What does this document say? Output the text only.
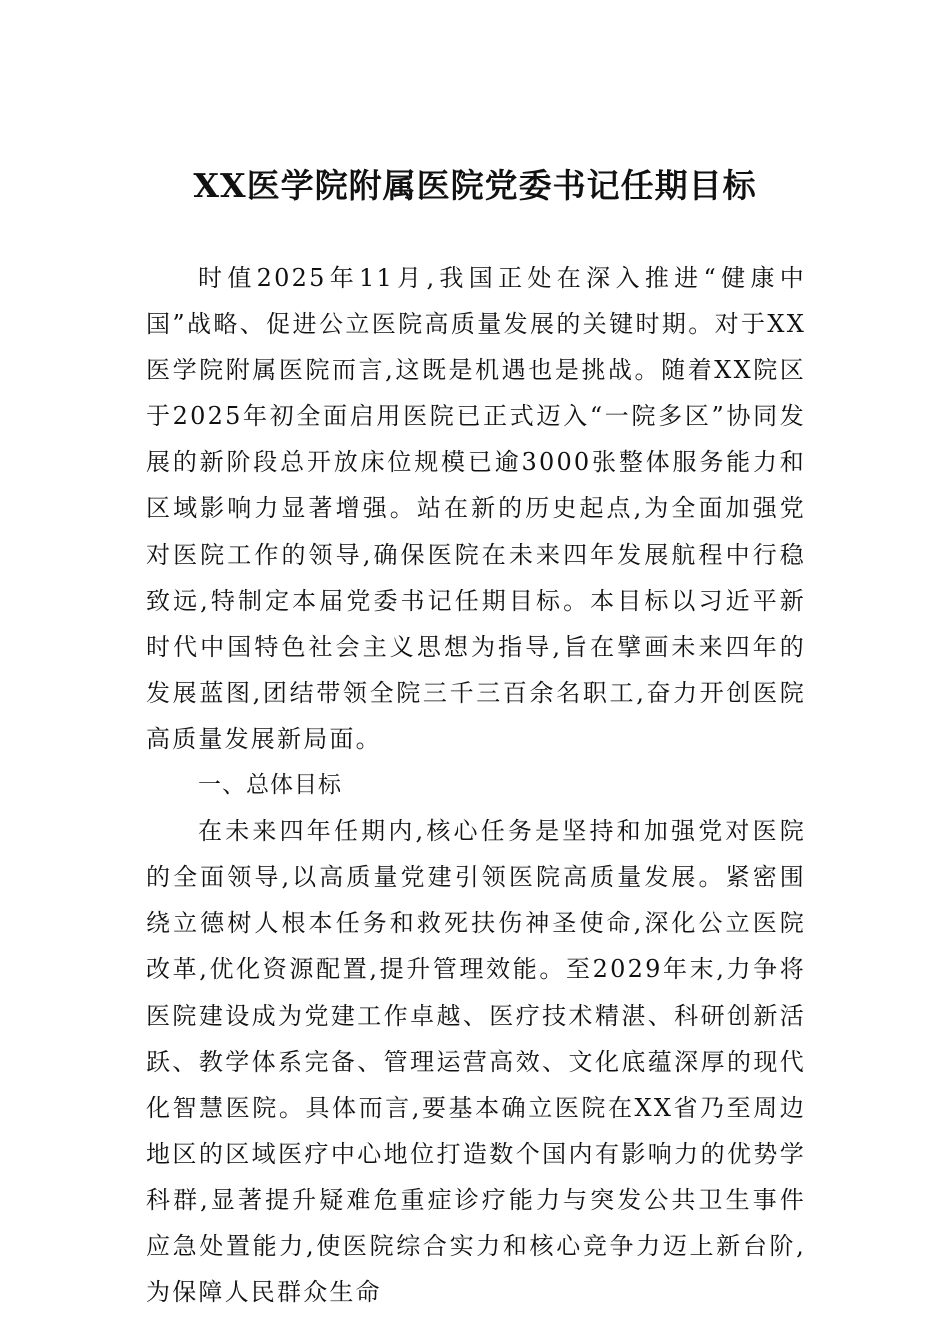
XX医学院附属医院党委书记任期目标

时值2025年11月,我国正处在深入推进“健康中国”战略、促进公立医院高质量发展的关键时期。对于XX医学院附属医院而言,这既是机遇也是挑战。随着XX院区于2025年初全面启用医院已正式迈入“一院多区”协同发展的新阶段总开放床位规模已逾3000张整体服务能力和区域影响力显著增强。站在新的历史起点,为全面加强党对医院工作的领导,确保医院在未来四年发展航程中行稳致远,特制定本届党委书记任期目标。本目标以习近平新时代中国特色社会主义思想为指导,旨在擘画未来四年的发展蓝图,团结带领全院三千三百余名职工,奋力开创医院高质量发展新局面。

一、总体目标

在未来四年任期内,核心任务是坚持和加强党对医院的全面领导,以高质量党建引领医院高质量发展。紧密围绕立德树人根本任务和救死扶伤神圣使命,深化公立医院改革,优化资源配置,提升管理效能。至2029年末,力争将医院建设成为党建工作卓越、医疗技术精湛、科研创新活跃、教学体系完备、管理运营高效、文化底蕴深厚的现代化智慧医院。具体而言,要基本确立医院在XX省乃至周边地区的区域医疗中心地位打造数个国内有影响力的优势学科群,显著提升疑难危重症诊疗能力与突发公共卫生事件应急处置能力,使医院综合实力和核心竞争力迈上新台阶,为保障人民群众生命
